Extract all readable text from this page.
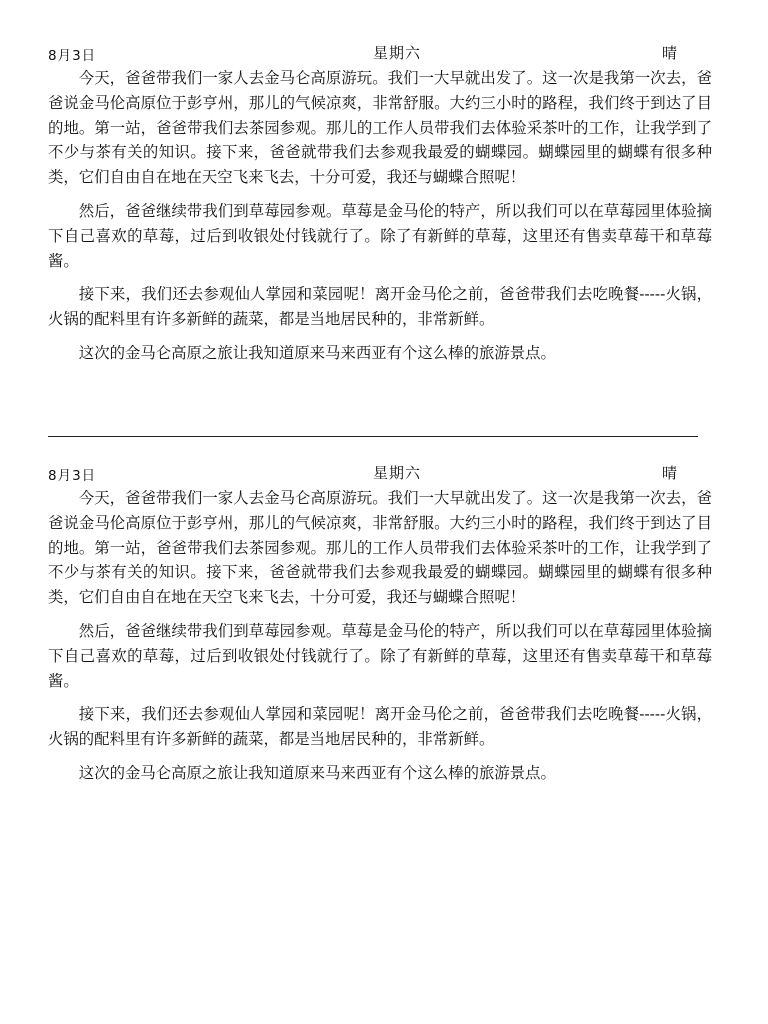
8月3日	星期六	晴

今天，爸爸带我们一家人去金马仑高原游玩。我们一大早就出发了。这一次是我第一次去，爸爸说金马伦高原位于彭亨州，那儿的气候凉爽，非常舒服。大约三小时的路程，我们终于到达了目的地。第一站，爸爸带我们去茶园参观。那儿的工作人员带我们去体验采茶叶的工作，让我学到了不少与茶有关的知识。接下来，爸爸就带我们去参观我最爱的蝴蝶园。蝴蝶园里的蝴蝶有很多种类，它们自由自在地在天空飞来飞去，十分可爱，我还与蝴蝶合照呢！

然后，爸爸继续带我们到草莓园参观。草莓是金马伦的特产，所以我们可以在草莓园里体验摘下自己喜欢的草莓，过后到收银处付钱就行了。除了有新鲜的草莓，这里还有售卖草莓干和草莓酱。

接下来，我们还去参观仙人掌园和菜园呢！离开金马伦之前，爸爸带我们去吃晚餐-----火锅，火锅的配料里有许多新鲜的蔬菜，都是当地居民种的，非常新鲜。

这次的金马仑高原之旅让我知道原来马来西亚有个这么棒的旅游景点。

8月3日	星期六	晴

今天，爸爸带我们一家人去金马仑高原游玩。我们一大早就出发了。这一次是我第一次去，爸爸说金马伦高原位于彭亨州，那儿的气候凉爽，非常舒服。大约三小时的路程，我们终于到达了目的地。第一站，爸爸带我们去茶园参观。那儿的工作人员带我们去体验采茶叶的工作，让我学到了不少与茶有关的知识。接下来，爸爸就带我们去参观我最爱的蝴蝶园。蝴蝶园里的蝴蝶有很多种类，它们自由自在地在天空飞来飞去，十分可爱，我还与蝴蝶合照呢！

然后，爸爸继续带我们到草莓园参观。草莓是金马伦的特产，所以我们可以在草莓园里体验摘下自己喜欢的草莓，过后到收银处付钱就行了。除了有新鲜的草莓，这里还有售卖草莓干和草莓酱。

接下来，我们还去参观仙人掌园和菜园呢！离开金马伦之前，爸爸带我们去吃晚餐-----火锅，火锅的配料里有许多新鲜的蔬菜，都是当地居民种的，非常新鲜。

这次的金马仑高原之旅让我知道原来马来西亚有个这么棒的旅游景点。
